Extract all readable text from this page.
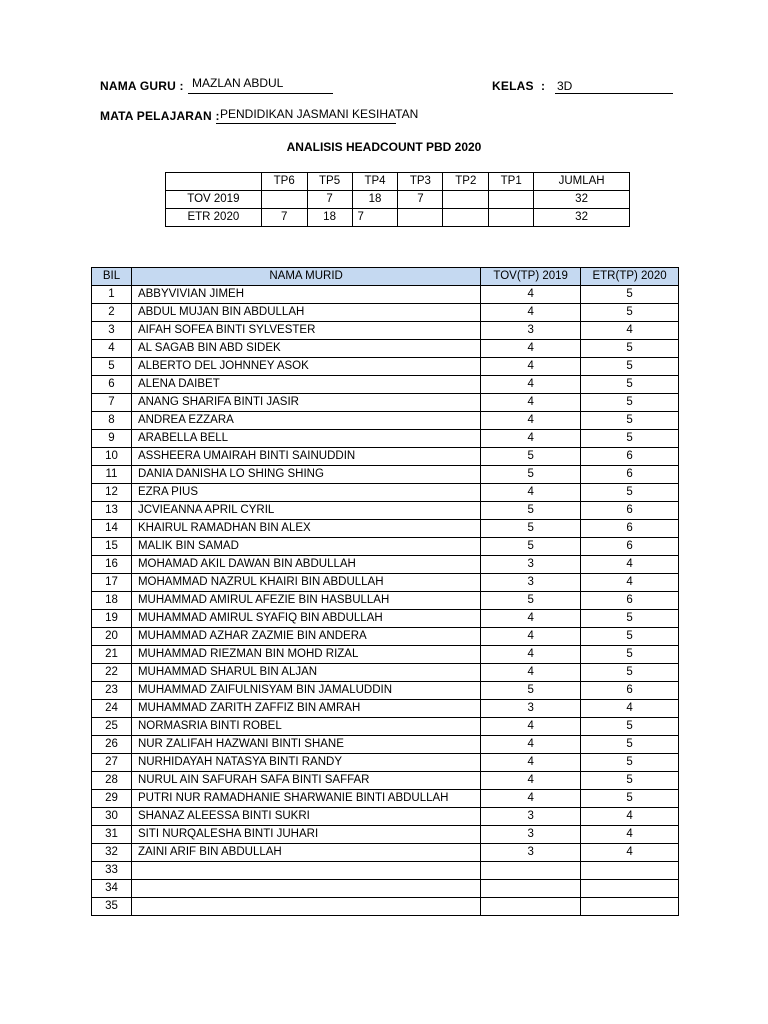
NAMA GURU : MAZLAN ABDUL	KELAS : 3D
MATA PELAJARAN : PENDIDIKAN JASMANI KESIHATAN
ANALISIS HEADCOUNT PBD 2020
	TP6	TP5	TP4	TP3	TP2	TP1	JUMLAH
TOV 2019		7	18	7			32
ETR 2020	7	18	7				32
BIL	NAMA MURID	TOV(TP) 2019	ETR(TP) 2020
1	ABBYVIVIAN JIMEH	4	5
2	ABDUL MUJAN BIN ABDULLAH	4	5
3	AIFAH SOFEA BINTI SYLVESTER	3	4
4	AL SAGAB BIN ABD SIDEK	4	5
5	ALBERTO DEL JOHNNEY ASOK	4	5
6	ALENA DAIBET	4	5
7	ANANG SHARIFA BINTI JASIR	4	5
8	ANDREA EZZARA	4	5
9	ARABELLA BELL	4	5
10	ASSHEERA UMAIRAH BINTI SAINUDDIN	5	6
11	DANIA DANISHA LO SHING SHING	5	6
12	EZRA PIUS	4	5
13	JCVIEANNA APRIL CYRIL	5	6
14	KHAIRUL RAMADHAN BIN ALEX	5	6
15	MALIK BIN SAMAD	5	6
16	MOHAMAD AKIL DAWAN BIN ABDULLAH	3	4
17	MOHAMMAD NAZRUL KHAIRI BIN ABDULLAH	3	4
18	MUHAMMAD AMIRUL AFEZIE BIN HASBULLAH	5	6
19	MUHAMMAD AMIRUL SYAFIQ BIN ABDULLAH	4	5
20	MUHAMMAD AZHAR ZAZMIE BIN ANDERA	4	5
21	MUHAMMAD RIEZMAN BIN MOHD RIZAL	4	5
22	MUHAMMAD SHARUL BIN ALJAN	4	5
23	MUHAMMAD ZAIFULNISYAM BIN JAMALUDDIN	5	6
24	MUHAMMAD ZARITH ZAFFIZ BIN AMRAH	3	4
25	NORMASRIA BINTI ROBEL	4	5
26	NUR ZALIFAH HAZWANI BINTI SHANE	4	5
27	NURHIDAYAH NATASYA BINTI RANDY	4	5
28	NURUL AIN SAFURAH SAFA BINTI SAFFAR	4	5
29	PUTRI NUR RAMADHANIE SHARWANIE BINTI ABDULLAH	4	5
30	SHANAZ ALEESSA BINTI SUKRI	3	4
31	SITI NURQALESHA BINTI JUHARI	3	4
32	ZAINI ARIF BIN ABDULLAH	3	4
33			
34			
35			
